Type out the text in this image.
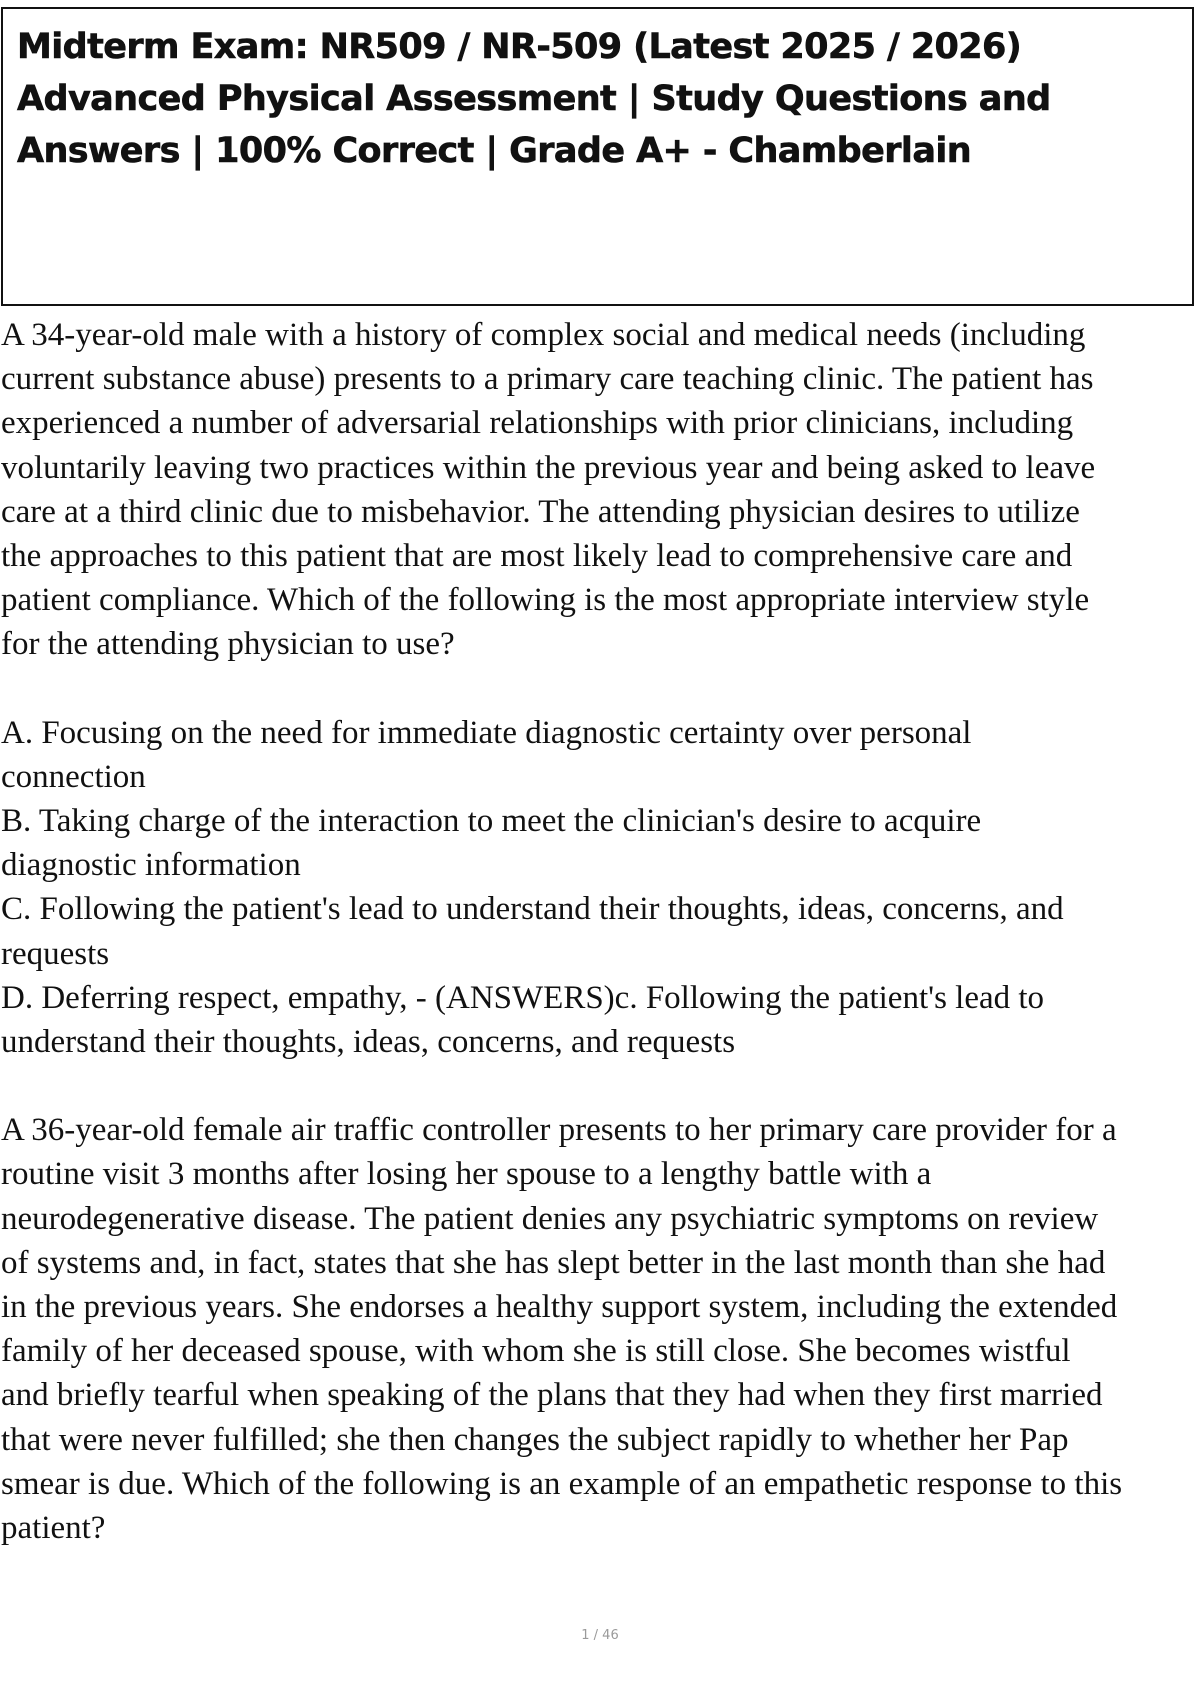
Midterm Exam: NR509 / NR-509 (Latest 2025 / 2026) Advanced Physical Assessment | Study Questions and Answers | 100% Correct | Grade A+ - Chamberlain

A 34-year-old male with a history of complex social and medical needs (including
current substance abuse) presents to a primary care teaching clinic. The patient has
experienced a number of adversarial relationships with prior clinicians, including
voluntarily leaving two practices within the previous year and being asked to leave
care at a third clinic due to misbehavior. The attending physician desires to utilize
the approaches to this patient that are most likely lead to comprehensive care and
patient compliance. Which of the following is the most appropriate interview style
for the attending physician to use?

A. Focusing on the need for immediate diagnostic certainty over personal
connection
B. Taking charge of the interaction to meet the clinician's desire to acquire
diagnostic information
C. Following the patient's lead to understand their thoughts, ideas, concerns, and
requests
D. Deferring respect, empathy, - (ANSWERS)c. Following the patient's lead to
understand their thoughts, ideas, concerns, and requests

A 36-year-old female air traffic controller presents to her primary care provider for a
routine visit 3 months after losing her spouse to a lengthy battle with a
neurodegenerative disease. The patient denies any psychiatric symptoms on review
of systems and, in fact, states that she has slept better in the last month than she had
in the previous years. She endorses a healthy support system, including the extended
family of her deceased spouse, with whom she is still close. She becomes wistful
and briefly tearful when speaking of the plans that they had when they first married
that were never fulfilled; she then changes the subject rapidly to whether her Pap
smear is due. Which of the following is an example of an empathetic response to this
patient?

1 / 46
